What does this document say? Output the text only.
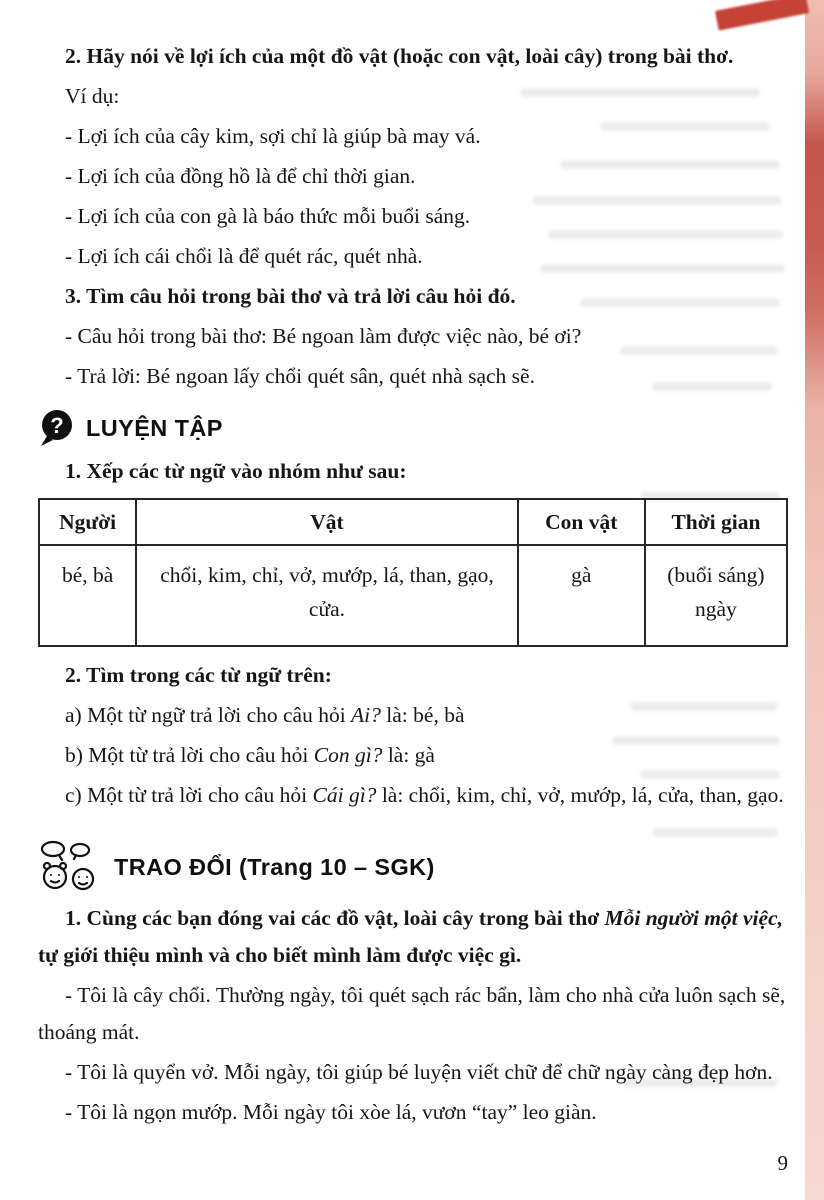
2. Hãy nói về lợi ích của một đồ vật (hoặc con vật, loài cây) trong bài thơ.

Ví dụ:

- Lợi ích của cây kim, sợi chỉ là giúp bà may vá.

- Lợi ích của đồng hồ là để chỉ thời gian.

- Lợi ích của con gà là báo thức mỗi buổi sáng.

- Lợi ích cái chổi là để quét rác, quét nhà.

3. Tìm câu hỏi trong bài thơ và trả lời câu hỏi đó.

- Câu hỏi trong bài thơ: Bé ngoan làm được việc nào, bé ơi?

- Trả lời: Bé ngoan lấy chổi quét sân, quét nhà sạch sẽ.

? LUYỆN TẬP

1. Xếp các từ ngữ vào nhóm như sau:

Người	Vật	Con vật	Thời gian
bé, bà	chổi, kim, chỉ, vở, mướp, lá, than, gạo, cửa.	gà	(buổi sáng) ngày

2. Tìm trong các từ ngữ trên:

a) Một từ ngữ trả lời cho câu hỏi Ai? là: bé, bà

b) Một từ trả lời cho câu hỏi Con gì? là: gà

c) Một từ trả lời cho câu hỏi Cái gì? là: chổi, kim, chỉ, vở, mướp, lá, cửa, than, gạo.

TRAO ĐỔI (Trang 10 – SGK)

1. Cùng các bạn đóng vai các đồ vật, loài cây trong bài thơ Mỗi người một việc, tự giới thiệu mình và cho biết mình làm được việc gì.

- Tôi là cây chổi. Thường ngày, tôi quét sạch rác bẩn, làm cho nhà cửa luôn sạch sẽ, thoáng mát.

- Tôi là quyển vở. Mỗi ngày, tôi giúp bé luyện viết chữ để chữ ngày càng đẹp hơn.

- Tôi là ngọn mướp. Mỗi ngày tôi xòe lá, vươn “tay” leo giàn.

9
